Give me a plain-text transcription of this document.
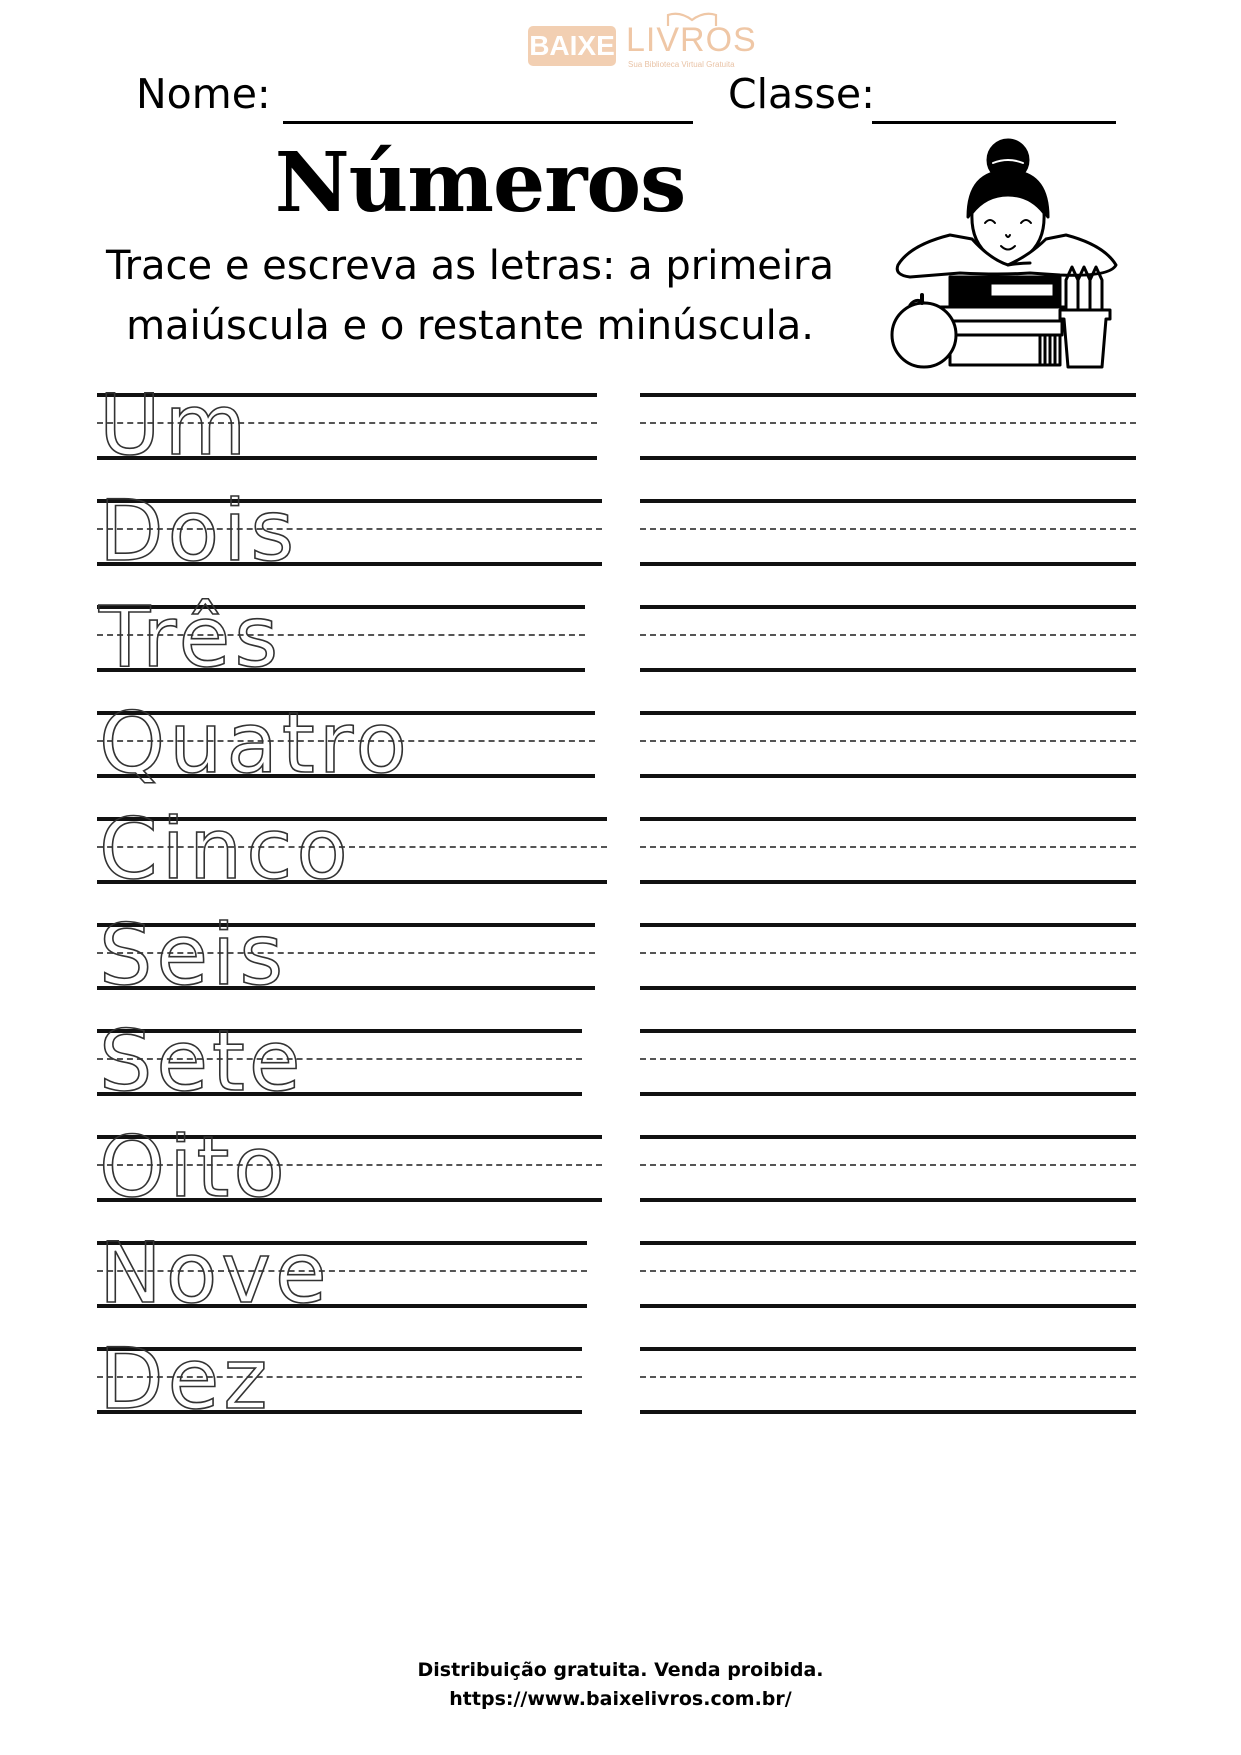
BAIXE LIVROS
Sua Biblioteca Virtual Gratuita
Nome:	Classe:
Números
Trace e escreva as letras: a primeira
maiúscula e o restante minúscula.
Um
Dois
Três
Quatro
Cinco
Seis
Sete
Oito
Nove
Dez
Distribuição gratuita. Venda proibida.
https://www.baixelivros.com.br/
